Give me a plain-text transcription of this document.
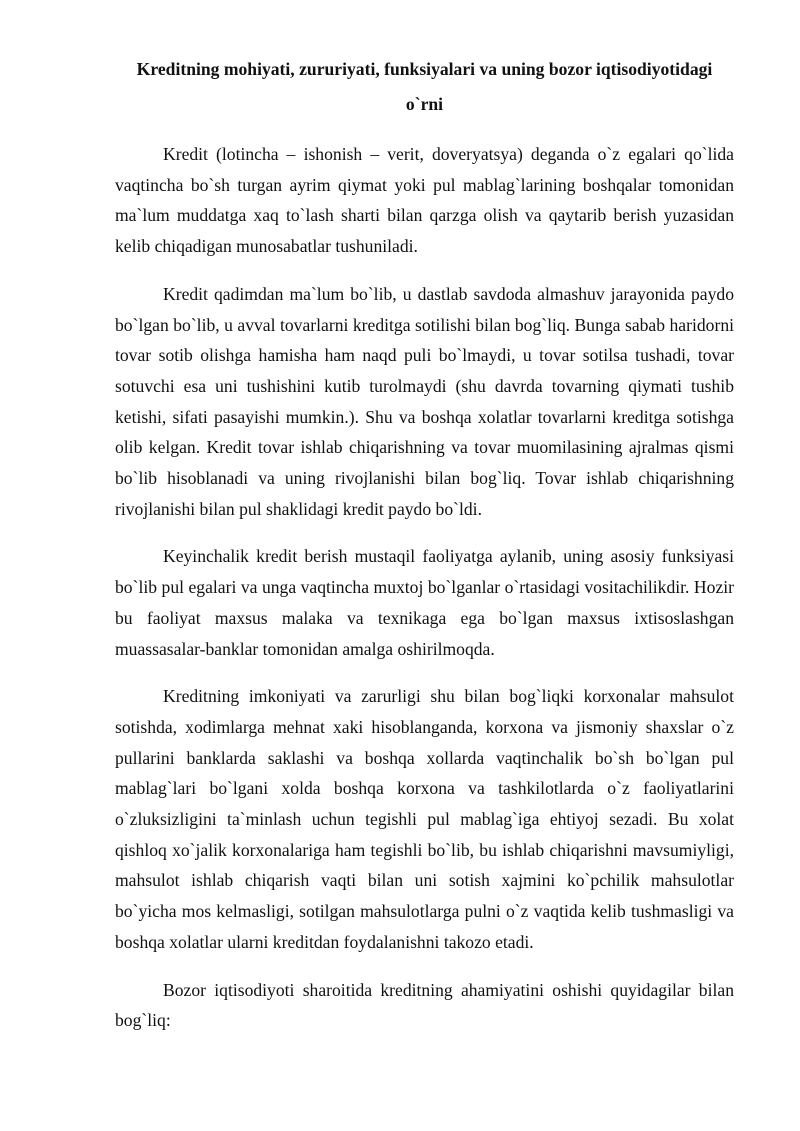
Kreditning mohiyati, zururiyati, funksiyalari va uning bozor iqtisodiyotidagi
o`rni

Kredit (lotincha – ishonish – verit, doveryatsya) deganda o`z egalari qo`lida vaqtincha bo`sh turgan ayrim qiymat yoki pul mablag`larining boshqalar tomonidan ma`lum muddatga xaq to`lash sharti bilan qarzga olish va qaytarib berish yuzasidan kelib chiqadigan munosabatlar tushuniladi.

Kredit qadimdan ma`lum bo`lib, u dastlab savdoda almashuv jarayonida paydo bo`lgan bo`lib, u avval tovarlarni kreditga sotilishi bilan bog`liq. Bunga sabab haridorni tovar sotib olishga hamisha ham naqd puli bo`lmaydi, u tovar sotilsa tushadi, tovar sotuvchi esa uni tushishini kutib turolmaydi (shu davrda tovarning qiymati tushib ketishi, sifati pasayishi mumkin.). Shu va boshqa xolatlar tovarlarni kreditga sotishga olib kelgan. Kredit tovar ishlab chiqarishning va tovar muomilasining ajralmas qismi bo`lib hisoblanadi va uning rivojlanishi bilan bog`liq. Tovar ishlab chiqarishning rivojlanishi bilan pul shaklidagi kredit paydo bo`ldi.

Keyinchalik kredit berish mustaqil faoliyatga aylanib, uning asosiy funksiyasi bo`lib pul egalari va unga vaqtincha muxtoj bo`lganlar o`rtasidagi vositachilikdir. Hozir bu faoliyat maxsus malaka va texnikaga ega bo`lgan maxsus ixtisoslashgan muassasalar-banklar tomonidan amalga oshirilmoqda.

Kreditning imkoniyati va zarurligi shu bilan bog`liqki korxonalar mahsulot sotishda, xodimlarga mehnat xaki hisoblanganda, korxona va jismoniy shaxslar o`z pullarini banklarda saklashi va boshqa xollarda vaqtinchalik bo`sh bo`lgan pul mablag`lari bo`lgani xolda boshqa korxona va tashkilotlarda o`z faoliyatlarini o`zluksizligini ta`minlash uchun tegishli pul mablag`iga ehtiyoj sezadi. Bu xolat qishloq xo`jalik korxonalariga ham tegishli bo`lib, bu ishlab chiqarishni mavsumiyligi, mahsulot ishlab chiqarish vaqti bilan uni sotish xajmini ko`pchilik mahsulotlar bo`yicha mos kelmasligi, sotilgan mahsulotlarga pulni o`z vaqtida kelib tushmasligi va boshqa xolatlar ularni kreditdan foydalanishni takozo etadi.

Bozor iqtisodiyoti sharoitida kreditning ahamiyatini oshishi quyidagilar bilan bog`liq:
